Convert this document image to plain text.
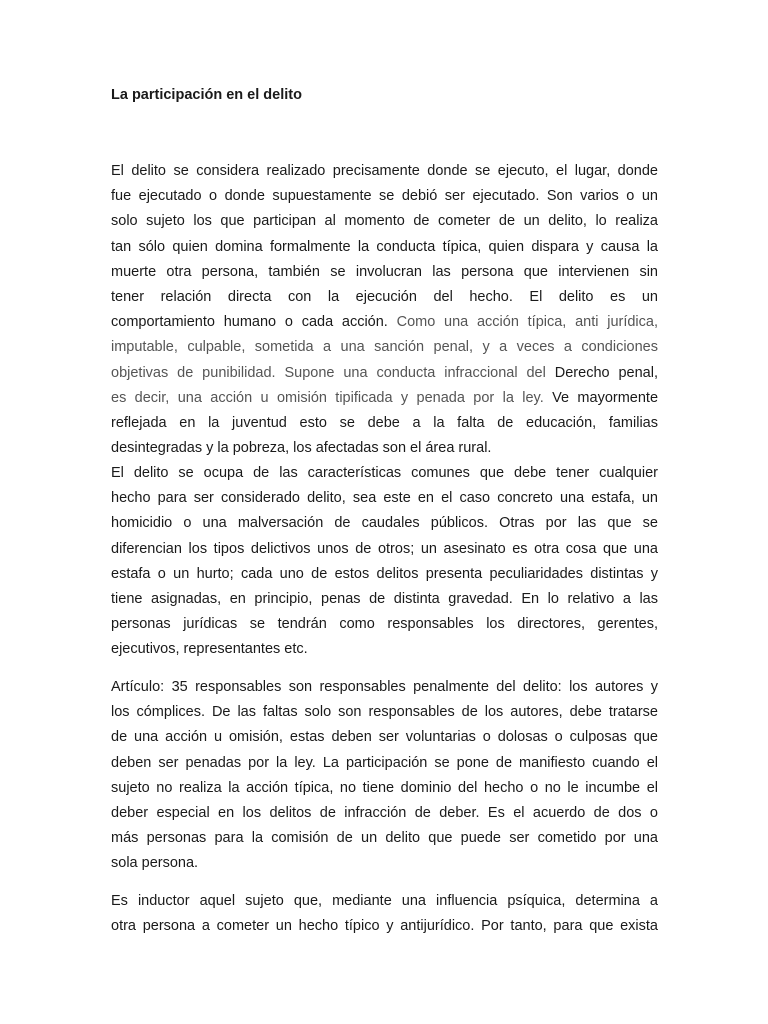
La participación en el delito
El delito se considera realizado precisamente donde se ejecuto, el lugar, donde
fue ejecutado o donde supuestamente se debió ser ejecutado. Son varios o un
solo sujeto los que participan al momento de cometer de un delito, lo realiza
tan sólo quien domina formalmente la conducta típica, quien dispara y causa la
muerte otra persona, también se involucran las persona que intervienen sin
tener relación directa con la ejecución del hecho. El delito es un
comportamiento humano o cada acción. Como una acción típica, anti jurídica,
imputable, culpable, sometida a una sanción penal, y a veces a condiciones
objetivas de punibilidad. Supone una conducta infraccional del Derecho penal,
es decir, una acción u omisión tipificada y penada por la ley. Ve mayormente
reflejada en la juventud esto se debe a la falta de educación, familias
desintegradas y la pobreza, los afectadas son el área rural.
El delito se ocupa de las características comunes que debe tener cualquier
hecho para ser considerado delito, sea este en el caso concreto una estafa, un
homicidio o una malversación de caudales públicos. Otras por las que se
diferencian los tipos delictivos unos de otros; un asesinato es otra cosa que una
estafa o un hurto; cada uno de estos delitos presenta peculiaridades distintas y
tiene asignadas, en principio, penas de distinta gravedad. En lo relativo a las
personas jurídicas se tendrán como responsables los directores, gerentes,
ejecutivos, representantes etc.
Artículo: 35 responsables son responsables penalmente del delito: los autores y
los cómplices. De las faltas solo son responsables de los autores, debe tratarse
de una acción u omisión, estas deben ser voluntarias o dolosas o culposas que
deben ser penadas por la ley. La participación se pone de manifiesto cuando el
sujeto no realiza la acción típica, no tiene dominio del hecho o no le incumbe el
deber especial en los delitos de infracción de deber. Es el acuerdo de dos o
más personas para la comisión de un delito que puede ser cometido por una
sola persona.
Es inductor aquel sujeto que, mediante una influencia psíquica, determina a
otra persona a cometer un hecho típico y antijurídico. Por tanto, para que exista
